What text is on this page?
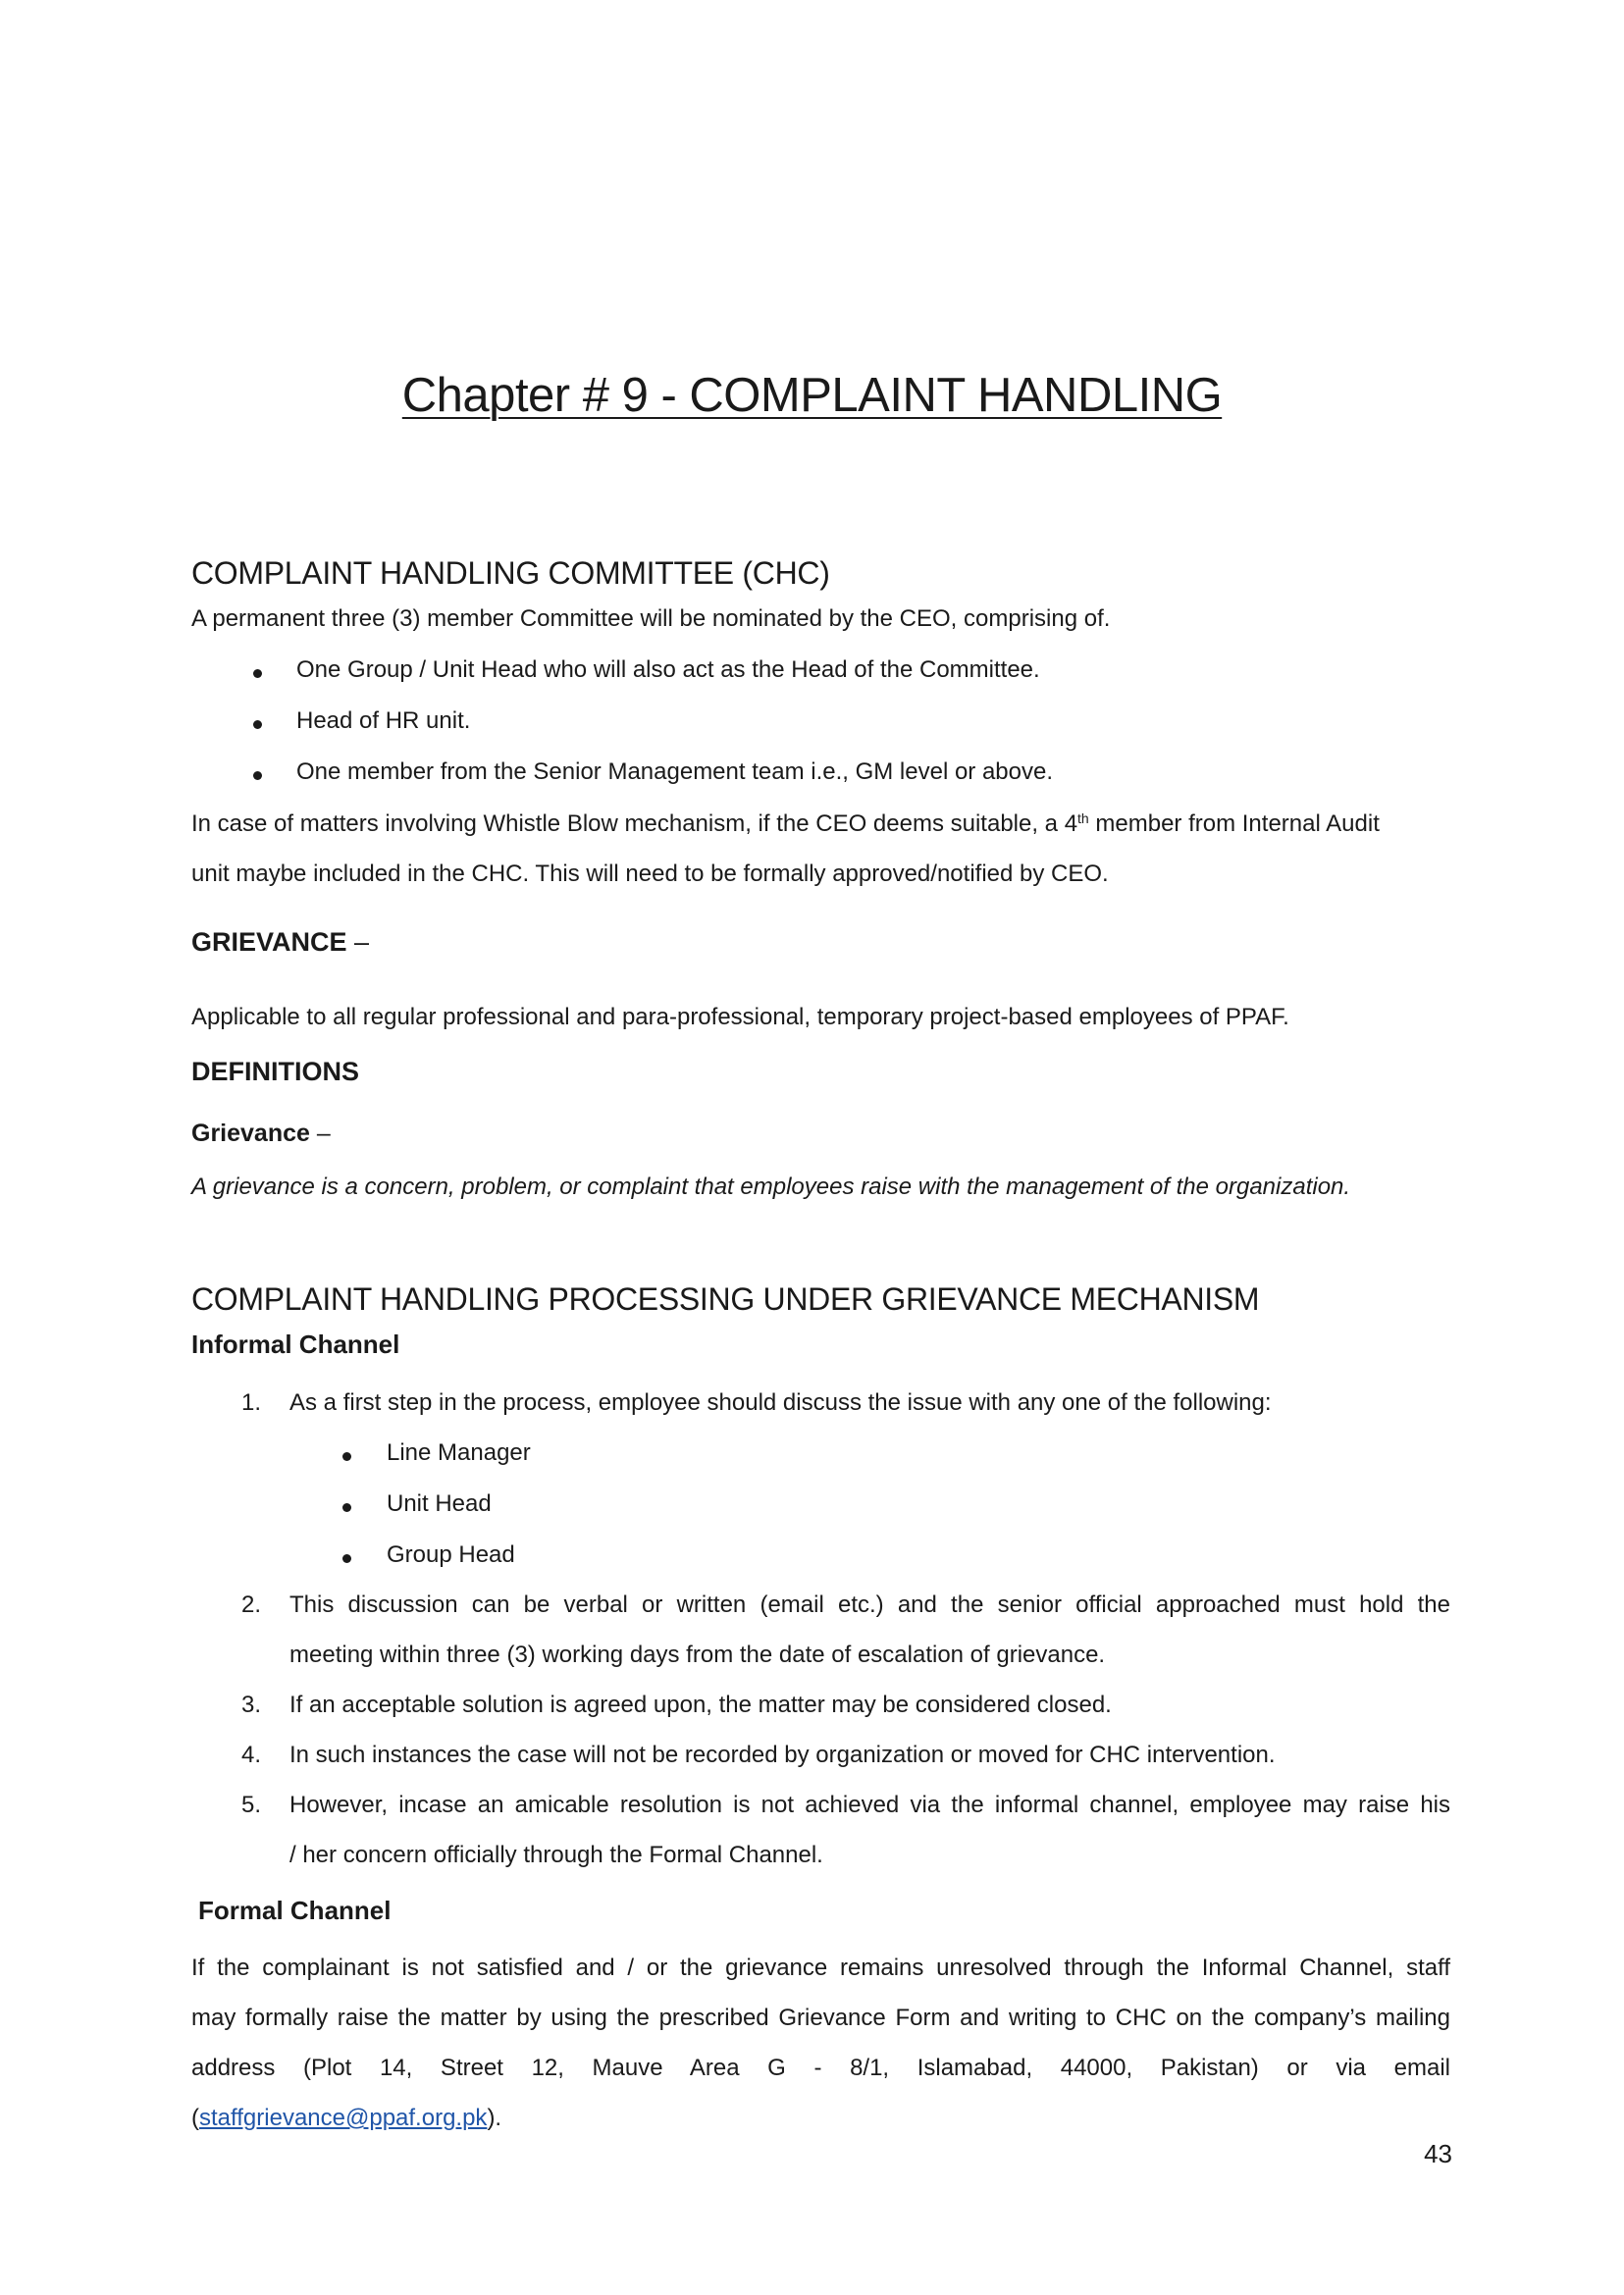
Chapter # 9 - COMPLAINT HANDLING
COMPLAINT HANDLING COMMITTEE (CHC)
A permanent three (3) member Committee will be nominated by the CEO, comprising of.
One Group / Unit Head who will also act as the Head of the Committee.
Head of HR unit.
One member from the Senior Management team i.e., GM level or above.
In case of matters involving Whistle Blow mechanism, if the CEO deems suitable, a 4th member from Internal Audit
unit maybe included in the CHC. This will need to be formally approved/notified by CEO.
GRIEVANCE –
Applicable to all regular professional and para-professional, temporary project-based employees of PPAF.
DEFINITIONS
Grievance –
A grievance is a concern, problem, or complaint that employees raise with the management of the organization.
COMPLAINT HANDLING PROCESSING UNDER GRIEVANCE MECHANISM
Informal Channel
1. As a first step in the process, employee should discuss the issue with any one of the following:
Line Manager
Unit Head
Group Head
2. This discussion can be verbal or written (email etc.) and the senior official approached must hold the
meeting within three (3) working days from the date of escalation of grievance.
3. If an acceptable solution is agreed upon, the matter may be considered closed.
4. In such instances the case will not be recorded by organization or moved for CHC intervention.
5. However, incase an amicable resolution is not achieved via the informal channel, employee may raise his
/ her concern officially through the Formal Channel.
Formal Channel
If the complainant is not satisfied and / or the grievance remains unresolved through the Informal Channel, staff
may formally raise the matter by using the prescribed Grievance Form and writing to CHC on the company’s mailing
address (Plot 14, Street 12, Mauve Area G - 8/1, Islamabad, 44000, Pakistan) or via email
(staffgrievance@ppaf.org.pk).
43
